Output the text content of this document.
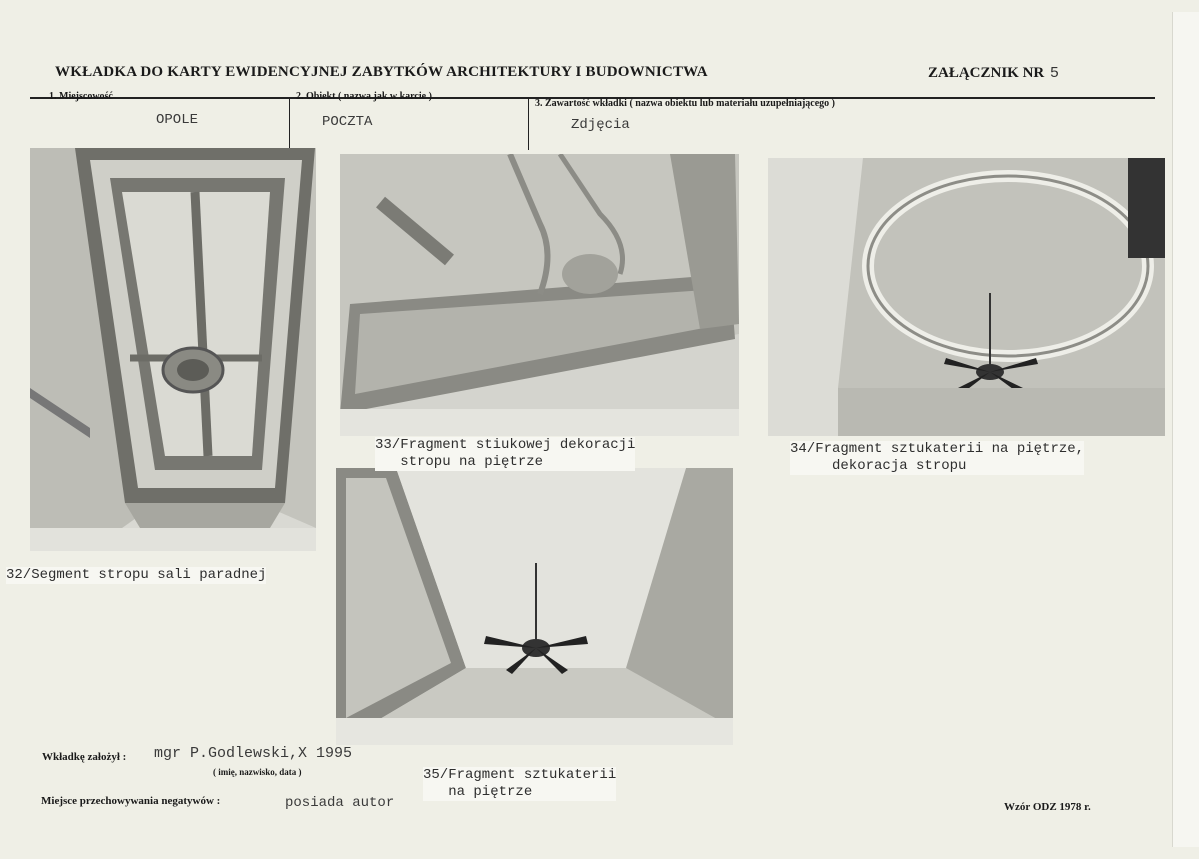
WKŁADKA DO KARTY EWIDENCYJNEJ ZABYTKÓW ARCHITEKTURY I BUDOWNICTWA	ZAŁĄCZNIK NR 5
1. Miejscowość	2. Obiekt ( nazwa jak w karcie )
3. Zawartość wkładki ( nazwa obiektu lub materiału uzupełniającego )
OPOLE	POCZTA	Zdjęcia
32/Segment stropu sali paradnej
33/Fragment stiukowej dekoracji
stropu na piętrze
34/Fragment sztukaterii na piętrze,
dekoracja stropu
35/Fragment sztukaterii
na piętrze
Wkładkę założył : mgr P.Godlewski,X 1995
( imię, nazwisko, data )
Miejsce przechowywania negatywów :	posiada autor	Wzór ODZ 1978 r.
